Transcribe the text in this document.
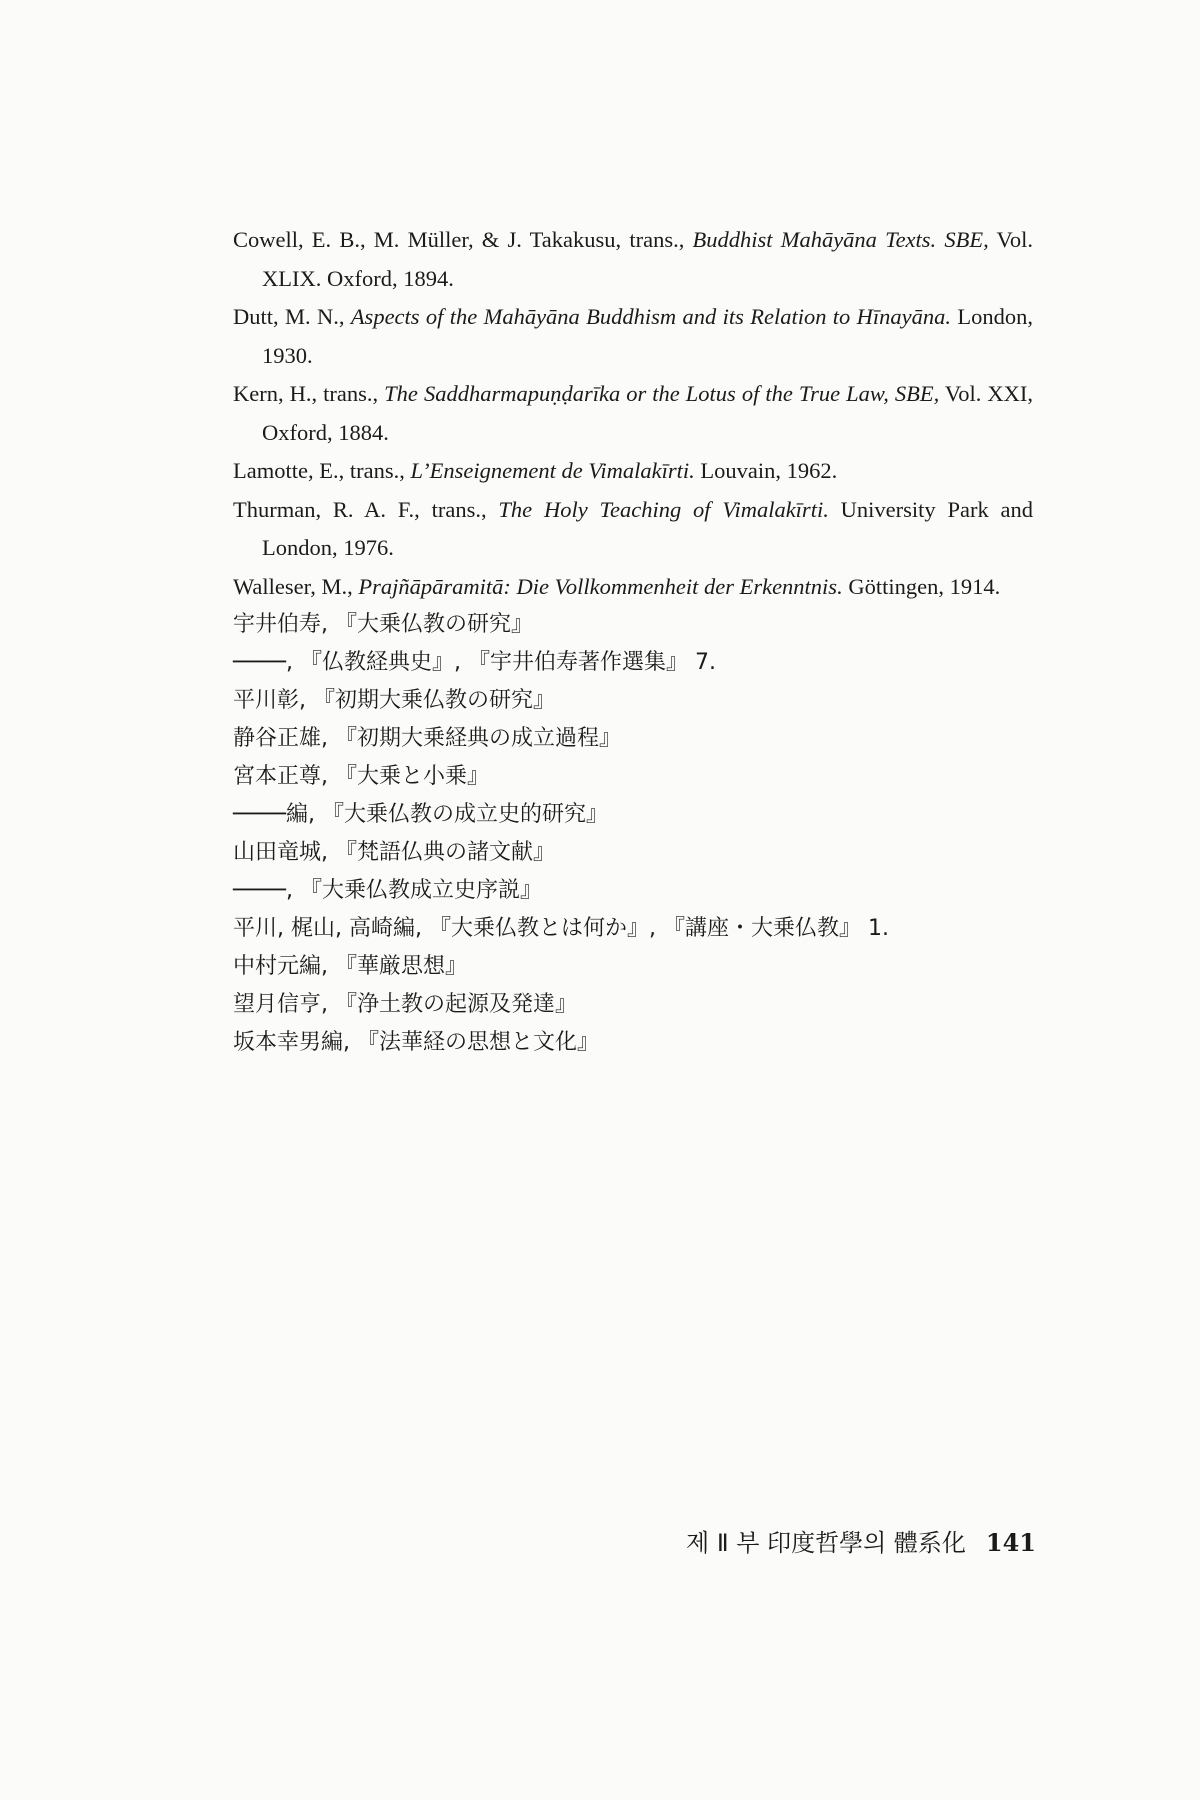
Cowell, E. B., M. Müller, & J. Takakusu, trans., Buddhist Mahāyāna Texts. SBE, Vol. XLIX. Oxford, 1894.
Dutt, M. N., Aspects of the Mahāyāna Buddhism and its Relation to Hīnayāna. London, 1930.
Kern, H., trans., The Saddharmapuṇḍarīka or the Lotus of the True Law, SBE, Vol. XXI, Oxford, 1884.
Lamotte, E., trans., L’Enseignement de Vimalakīrti. Louvain, 1962.
Thurman, R. A. F., trans., The Holy Teaching of Vimalakīrti. University Park and London, 1976.
Walleser, M., Prajñāpāramitā: Die Vollkommenheit der Erkenntnis. Göttingen, 1914.
宇井伯寿, 『大乗仏教の研究』
────, 『仏教経典史』, 『宇井伯寿著作選集』 7.
平川彰, 『初期大乗仏教の研究』
静谷正雄, 『初期大乗経典の成立過程』
宮本正尊, 『大乗と小乗』
────編, 『大乗仏教の成立史的研究』
山田竜城, 『梵語仏典の諸文献』
────, 『大乗仏教成立史序説』
平川, 梶山, 高崎編, 『大乗仏教とは何か』, 『講座・大乗仏教』 1.
中村元編, 『華厳思想』
望月信亨, 『浄土教の起源及発達』
坂本幸男編, 『法華経の思想と文化』
제 Ⅱ 부 印度哲學의 體系化 141
